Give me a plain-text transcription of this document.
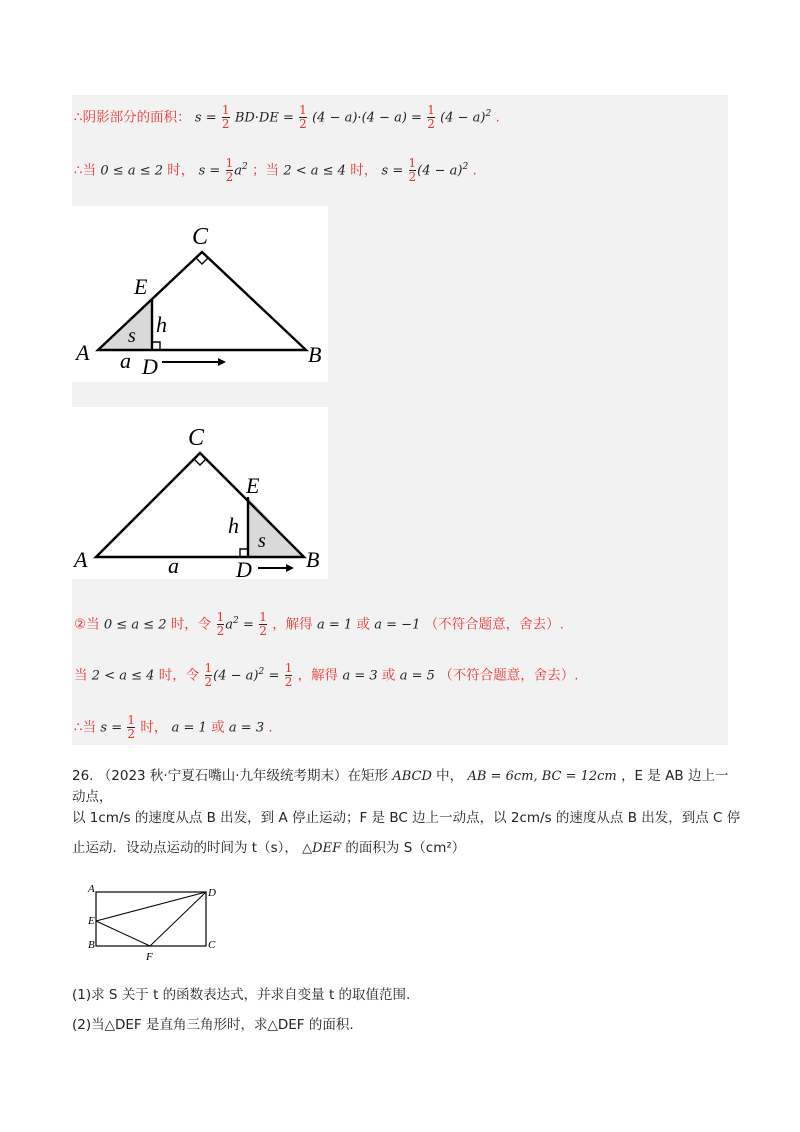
∴阴影部分的面积： $s = \frac{1}{2} BD\cdot DE = \frac{1}{2} (4 - a)\cdot(4 - a) = \frac{1}{2} (4 - a)^2$ .
∴当 0 ≤ a ≤ 2 时， $s = \frac{1}{2} a^2$ ；当 2 < a ≤ 4 时， $s = \frac{1}{2} (4 - a)^2$ .
C
E
h
s
A	B
a D
C
E
h
s
A	B
a	D
②当 0 ≤ a ≤ 2 时，令 $\frac{1}{2} a^2 = \frac{1}{2}$ ，解得 a = 1 或 a = −1 （不符合题意，舍去）.
当 2 < a ≤ 4 时，令 $\frac{1}{2} (4 - a)^2 = \frac{1}{2}$ ，解得 a = 3 或 a = 5 （不符合题意，舍去）.
∴当 $s = \frac{1}{2}$ 时， a = 1 或 a = 3 .
26. （2023 秋·宁夏石嘴山·九年级统考期末）在矩形 ABCD 中， AB = 6cm, BC = 12cm ，E 是 AB 边上一动点，
以 1cm/s 的速度从点 B 出发，到 A 停止运动；F 是 BC 边上一动点，以 2cm/s 的速度从点 B 出发，到点 C 停
止运动．设动点运动的时间为 t（s）， △DEF 的面积为 S（cm²）
A
E
B
F
C
D
(1)求 S 关于 t 的函数表达式，并求自变量 t 的取值范围.
(2)当△DEF 是直角三角形时，求△DEF 的面积.
